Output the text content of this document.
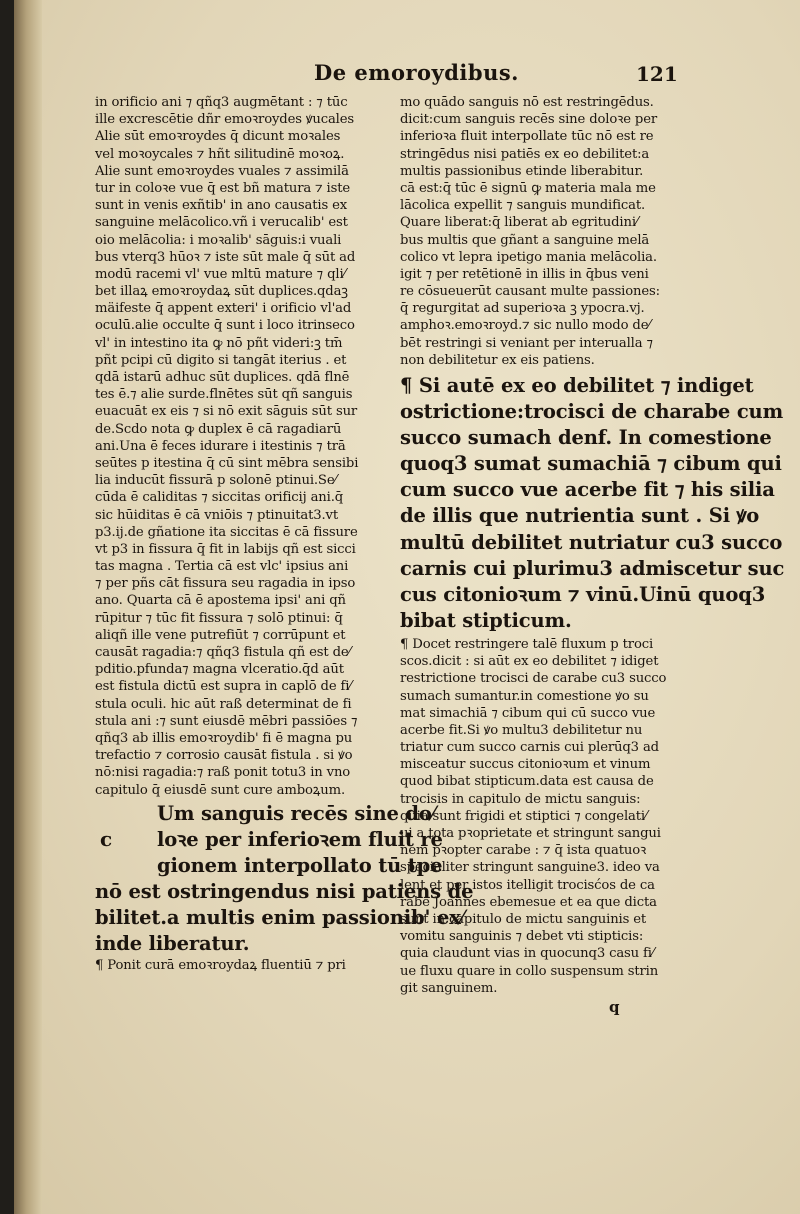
De emoroydibus.	121
in orificio ani ⁊ qñq3 augmētant : ⁊ tūc
ille excrescētie dñr emoꝛroydes ꝟucales
Alie sūt emoꝛroydes q̄ dicunt moꝛales
vel moꝛoycales ⁊ hñt silitudinē moꝛoꝝ.
Alie sunt emoꝛroydes vuales ⁊ assimilā
tur in coloꝛe vue q̄ est bñ matura ⁊ iste
sunt in venis exñtib' in ano causatis ex
sanguine melācolico.vñ i verucalib' est
oio melācolia: i moꝛalib' sāguis:i vuali
bus vterq3 hūoꝛ ⁊ iste sūt male q̄ sūt ad
modū racemi vl' vue mltū mature ⁊ qli⁄
bet illaꝝ emoꝛroydaꝝ sūt duplices.qdaꝫ
mäifeste q̄ appent exteri' i orificio vl'ad
oculū.alie occulte q̄ sunt i loco itrinseco
vl' in intestino ita ꝙ nō pñt videri:ꝫ tm̄
pñt pcipi cū digito si tangāt iterius . et
qdā istarū adhuc sūt duplices. qdā flnē
tes ē.⁊ alie surde.flnētes sūt qñ sanguis
euacuāt ex eis ⁊ si nō exit sāguis sūt sur
de.Scdo nota ꝙ duplex ē cā ragadiarū
ani.Una ē feces idurare i itestinis ⁊ trā
seūtes p itestina q̄ cū sint mēbra sensibi
lia inducūt fissurā p solonē ptinui.Se⁄
cūda ē caliditas ⁊ siccitas orificij ani.q̄
sic hūiditas ē cā vniōis ⁊ ptinuitat3.vt
p3.ij.de gñatione ita siccitas ē cā fissure
vt p3 in fissura q̄ fit in labijs qñ est sicci
tas magna . Tertia cā est vlc' ipsius ani
⁊ per pñs cāt fissura seu ragadia in ipso
ano. Quarta cā ē apostema ipsi' ani qñ
rūpitur ⁊ tūc fit fissura ⁊ solō ptinui: q̄
aliqñ ille vene putrefiūt ⁊ corrūpunt et
causāt ragadia:⁊ qñq3 fistula qñ est de⁄
pditio.pfunda⁊ magna vlceratio.q̄d aūt
est fistula dictū est supra in caplō de fi⁄
stula oculi. hic aūt raß determinat de fi
stula ani :⁊ sunt eiusdē mēbri passiōes ⁊
qñq3 ab illis emoꝛroydib' fi ē magna pu
trefactio ⁊ corrosio causāt fistula . si ꝟo
nō:nisi ragadia:⁊ raß ponit totu3 in vno
capitulo q̄ eiusdē sunt cure amboꝝum.
c
Um sanguis recēs sine do⁄
loꝛe per inferioꝛem fluit re
gionem interpollato tū tpe
nō est ostringendus nisi patiens de
bilitet.a multis enim passionib' ex⁄
inde liberatur.
¶ Ponit curā emoꝛroydaꝝ fluentiū ⁊ pri
mo quādo sanguis nō est restringēdus.
dicit:cum sanguis recēs sine doloꝛe per
inferioꝛa fluit interpollate tūc nō est re
stringēdus nisi patiēs ex eo debilitet:a
multis passionibus etinde liberabitur.
cā est:q̄ tūc ē signū ꝙ materia mala me
lācolica expellit ⁊ sanguis mundificat.
Quare liberat:q̄ liberat ab egritudini⁄
bus multis que gñant a sanguine melā
colico vt lepra ipetigo mania melācolia.
igit ⁊ per retētionē in illis in q̄bus veni
re cōsueuerūt causant multe passiones:
q̄ regurgitat ad superioꝛa ꝫ ypocra.vj.
amphoꝛ.emoꝛroyd.⁊ sic nullo modo de⁄
bēt restringi si veniant per interualla ⁊
non debilitetur ex eis patiens.
¶ Si autē ex eo debilitet ⁊ indiget
ostrictione:trocisci de charabe cum
succo sumach denf. In comestione
quoq3 sumat sumachiā ⁊ cibum qui
cum succo vue acerbe fit ⁊ his silia
de illis que nutrientia sunt . Si ꝟo
multū debilitet nutriatur cu3 succo
carnis cui plurimu3 admiscetur suc
cus citonioꝛum ⁊ vinū.Uinū quoq3
bibat stipticum.
¶ Docet restringere talē fluxum p troci
scos.dicit : si aūt ex eo debilitet ⁊ idiget
restrictione trocisci de carabe cu3 succo
sumach sumantur.in comestione ꝟo su
mat simachiā ⁊ cibum qui cū succo vue
acerbe fit.Si ꝟo multu3 debilitetur nu
triatur cum succo carnis cui plerūq3 ad
misceatur succus citonioꝛum et vinum
quod bibat stipticum.data est causa de
trocisis in capitulo de mictu sanguis:
quia sunt frigidi et stiptici ⁊ congelati⁄
ui a tota pꝛoprietate et stringunt sangui
nem pꝛopter carabe : ⁊ q̄ ista quatuoꝛ
specialiter stringunt sanguine3. ideo va
lent et per istos itelligit trocisćos de ca
rabe Joannes ebemesue et ea que dicta
sunt in capitulo de mictu sanguinis et
vomitu sanguinis ⁊ debet vti stipticis:
quia claudunt vias in quocunq3 casu fi⁄
ue fluxu quare in collo suspensum strin
git sanguinem.
q
